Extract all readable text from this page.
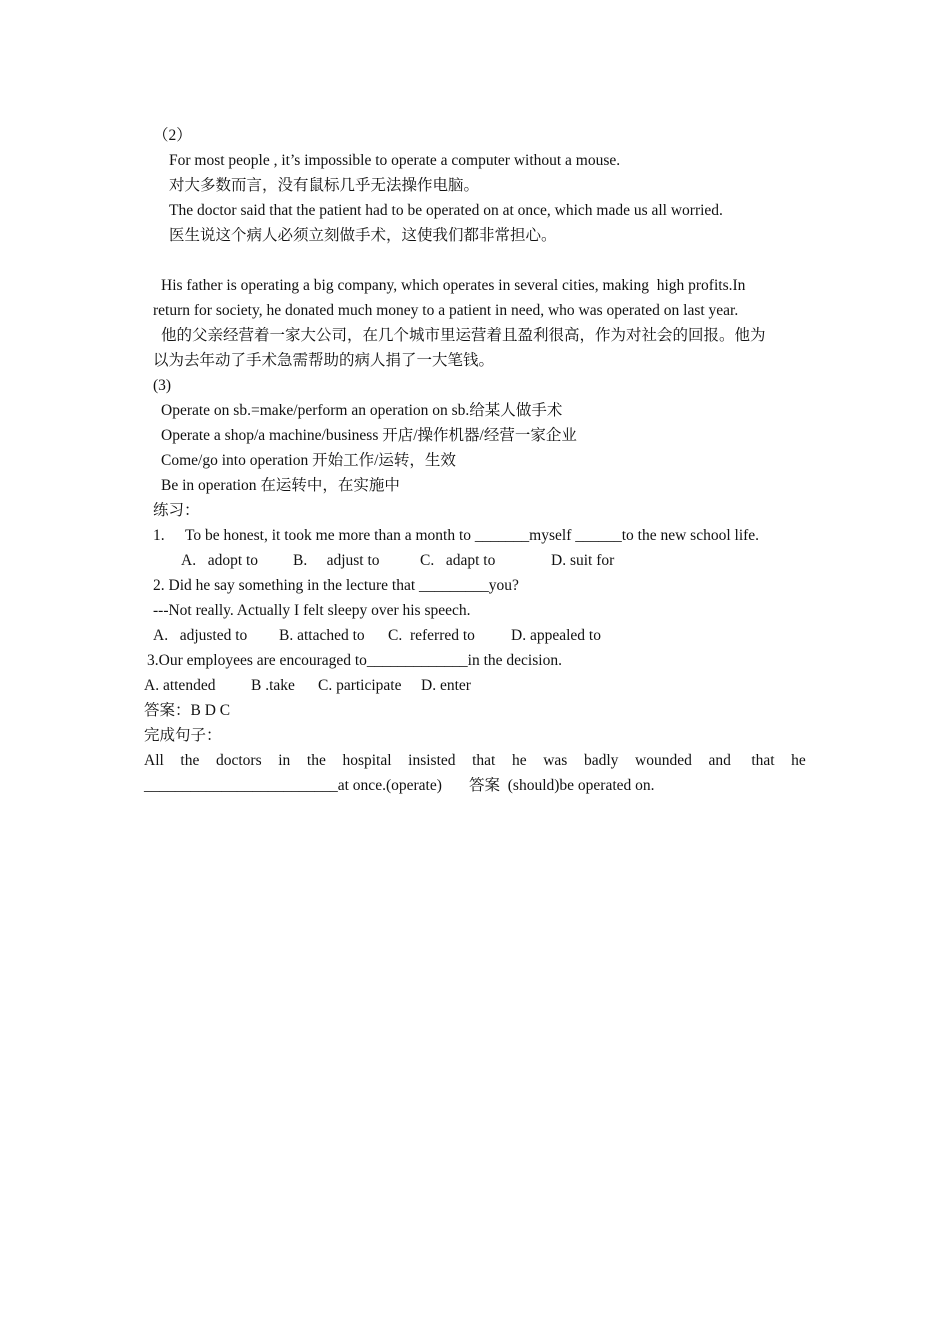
（2）
For most people , it’s impossible to operate a computer without a mouse.
对大多数而言，没有鼠标几乎无法操作电脑。
The doctor said that the patient had to be operated on at once, which made us all worried.
医生说这个病人必须立刻做手术，这使我们都非常担心。
His father is operating a big company, which operates in several cities, making  high profits.In
return for society, he donated much money to a patient in need, who was operated on last year.
他的父亲经营着一家大公司，在几个城市里运营着且盈利很高，作为对社会的回报。他为
以为去年动了手术急需帮助的病人捐了一大笔钱。
(3)
Operate on sb.=make/perform an operation on sb.给某人做手术
Operate a shop/a machine/business 开店/操作机器/经营一家企业
Come/go into operation 开始工作/运转，生效
Be in operation 在运转中，在实施中
练习：
1. To be honest, it took me more than a month to _______myself ______to the new school life.
A.   adopt to B.     adjust to	C.   adapt to	D. suit for
2. Did he say something in the lecture that _________you?
---Not really. Actually I felt sleepy over his speech.
A.   adjusted to B. attached to C.  referred to D. appealed to
3.Our employees are encouraged to_____________in the decision.
A. attended B .take C. participate D. enter
答案：B D C
完成句子：
All the doctors in the hospital insisted that he was badly wounded and that he
_________________________at once.(operate)       答案  (should)be operated on.
